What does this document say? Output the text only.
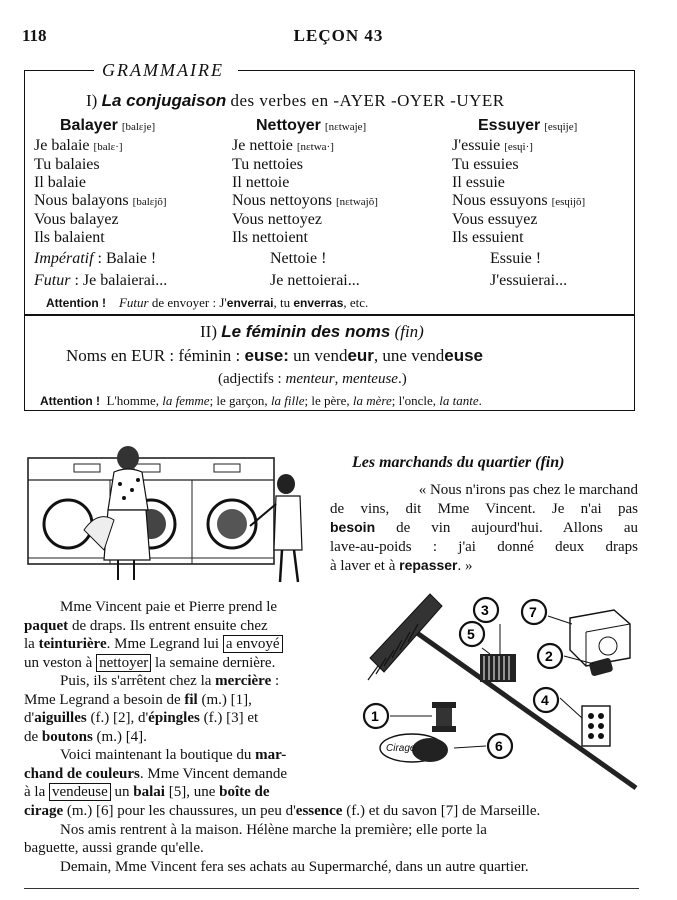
118	LEÇON 43
GRAMMAIRE
I) La conjugaison des verbes en -AYER -OYER -UYER
Balayer [balɛje]
Je balaie [balɛ·]
Tu balaies
Il balaie
Nous balayons [balɛjõ]
Vous balayez
Ils balaient
Impératif : Balaie !
Futur : Je balaierai...
Nettoyer [nɛtwaje]
Je nettoie [nɛtwa·]
Tu nettoies
Il nettoie
Nous nettoyons [nɛtwajõ]
Vous nettoyez
Ils nettoient
Nettoie !
Je nettoierai...
Essuyer [esɥije]
J'essuie [esɥi·]
Tu essuies
Il essuie
Nous essuyons [esɥijõ]
Vous essuyez
Ils essuient
Essuie !
J'essuierai...
Attention ! Futur de envoyer : J'enverrai, tu enverras, etc.
II) Le féminin des noms (fin)
Noms en EUR : féminin : euse: un vendeur, une vendeuse
(adjectifs : menteur, menteuse.)
Attention ! L'homme, la femme; le garçon, la fille; le père, la mère; l'oncle, la tante.
Les marchands du quartier (fin)
« Nous n'irons pas chez le marchand
de vins, dit Mme Vincent. Je n'ai pas
besoin de vin aujourd'hui. Allons au
lave-au-poids : j'ai donné deux draps
à laver et à repasser. »
Mme Vincent paie et Pierre prend le
paquet de draps. Ils entrent ensuite chez
la teinturière. Mme Legrand lui a envoyé
un veston à nettoyer la semaine dernière.
Puis, ils s'arrêtent chez la mercière :
Mme Legrand a besoin de fil (m.) [1],
d'aiguilles (f.) [2], d'épingles (f.) [3] et
de boutons (m.) [4].
Voici maintenant la boutique du mar-
chand de couleurs. Mme Vincent demande
à la vendeuse un balai [5], une boîte de
cirage (m.) [6] pour les chaussures, un peu d'essence (f.) et du savon [7] de Marseille.
Nos amis rentrent à la maison. Hélène marche la première; elle porte la
baguette, aussi grande qu'elle.
Demain, Mme Vincent fera ses achats au Supermarché, dans un autre quartier.
Cirage
1
2
3
4
5
6
7
